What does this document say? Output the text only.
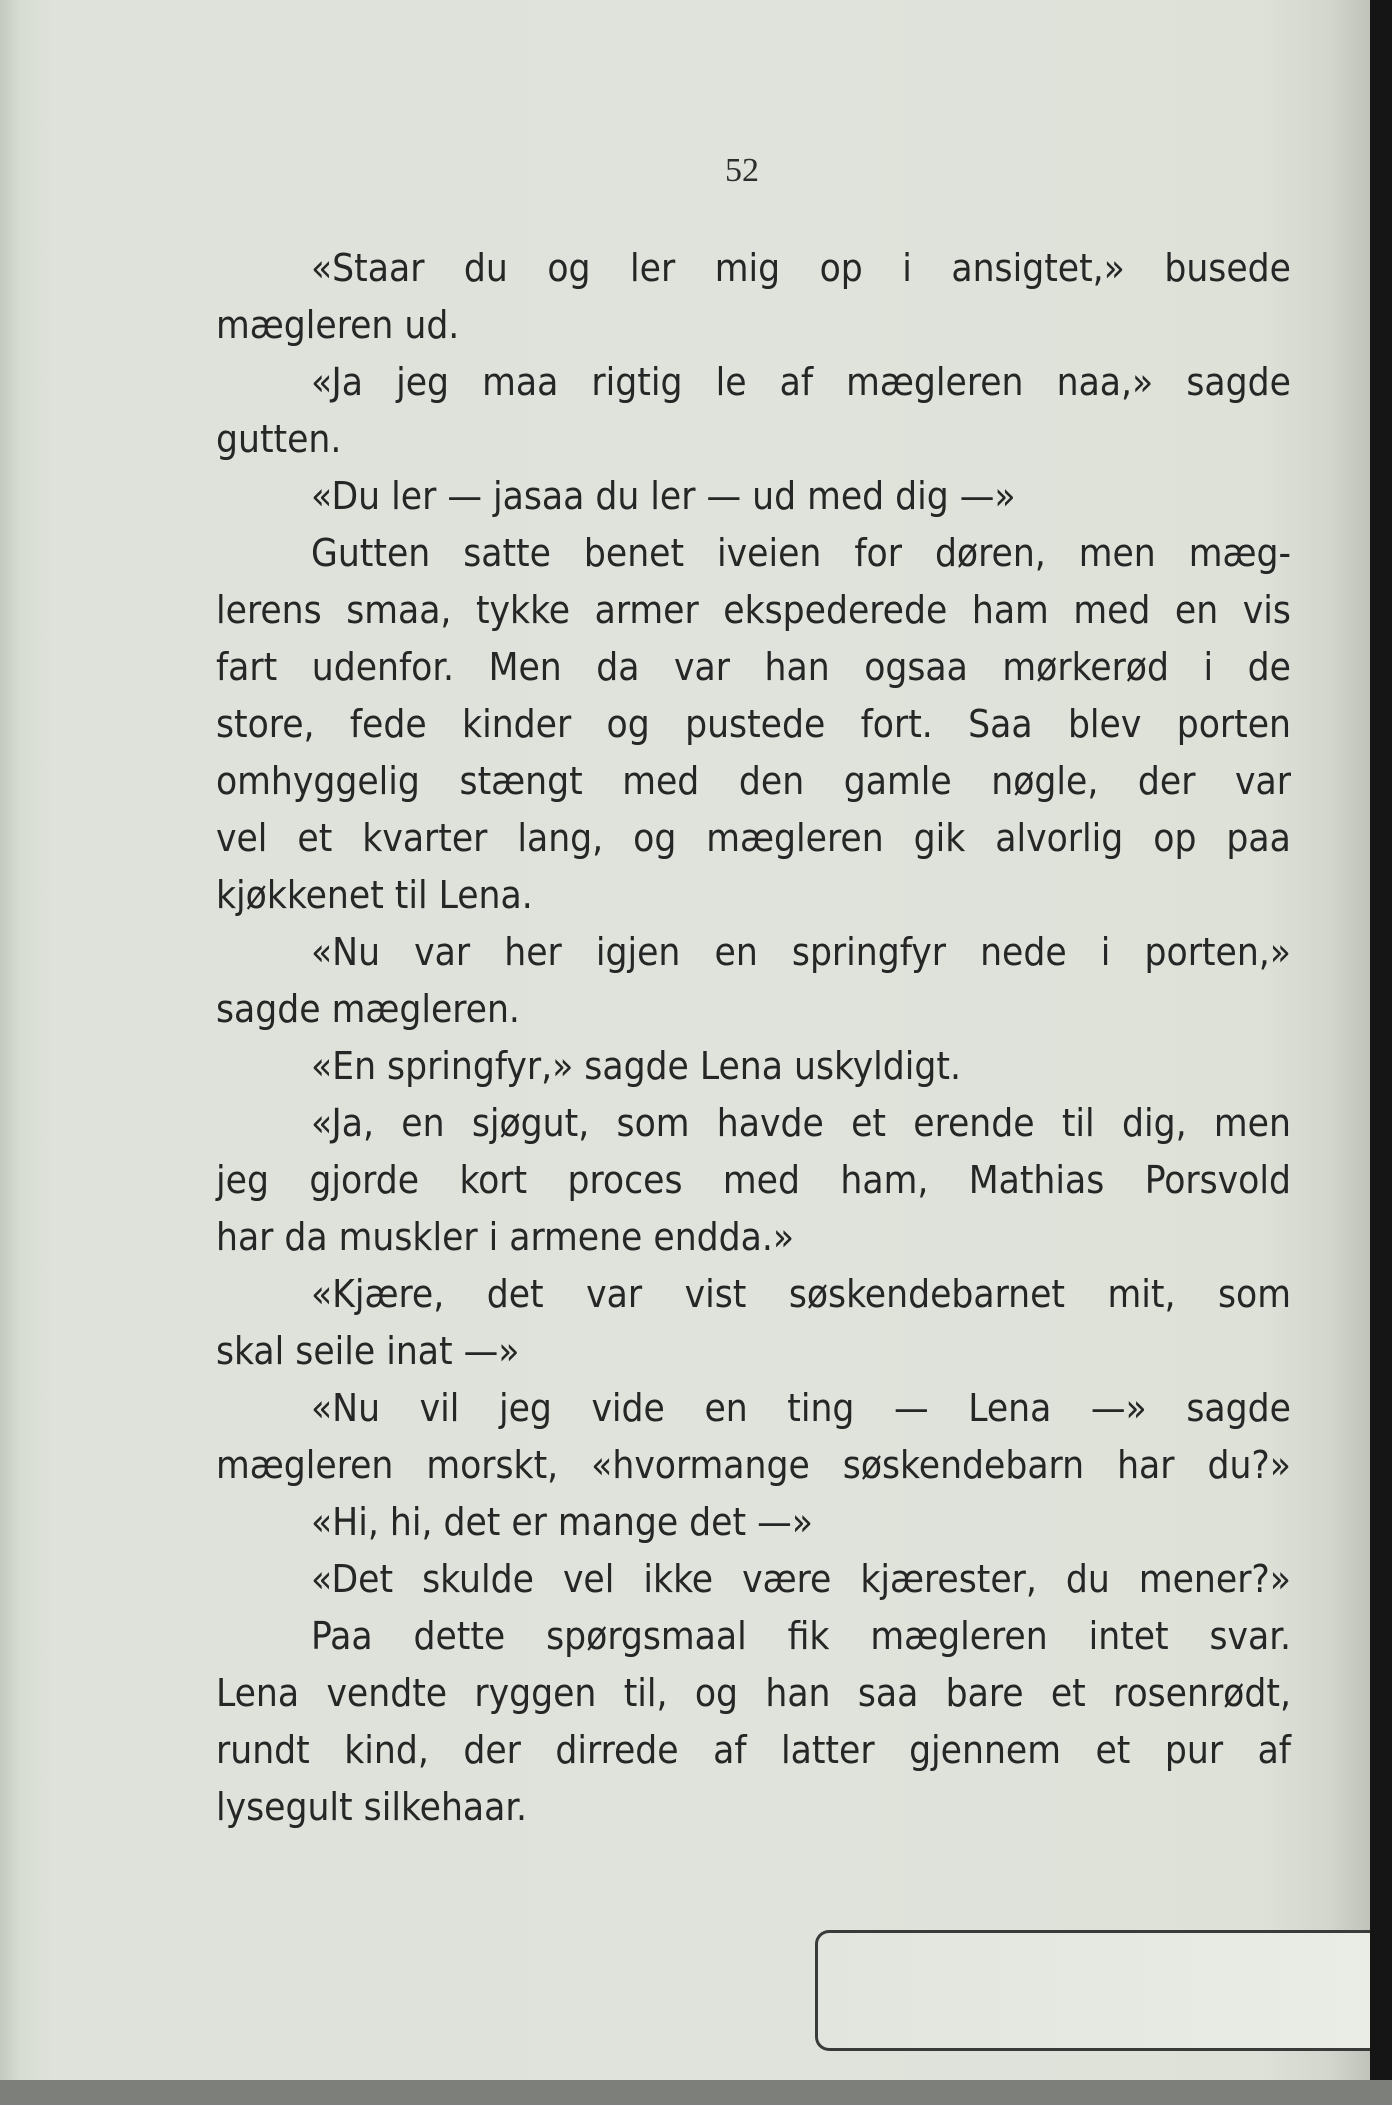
52
«Staar du og ler mig op i ansigtet,» busede
mægleren ud.
«Ja jeg maa rigtig le af mægleren naa,» sagde
gutten.
«Du ler — jasaa du ler — ud med dig —»
Gutten satte benet iveien for døren, men mæg-
lerens smaa, tykke armer ekspederede ham med en vis
fart udenfor. Men da var han ogsaa mørkerød i de
store, fede kinder og pustede fort. Saa blev porten
omhyggelig stængt med den gamle nøgle, der var
vel et kvarter lang, og mægleren gik alvorlig op paa
kjøkkenet til Lena.
«Nu var her igjen en springfyr nede i porten,»
sagde mægleren.
«En springfyr,» sagde Lena uskyldigt.
«Ja, en sjøgut, som havde et erende til dig, men
jeg gjorde kort proces med ham, Mathias Porsvold
har da muskler i armene endda.»
«Kjære, det var vist søskendebarnet mit, som
skal seile inat —»
«Nu vil jeg vide en ting — Lena —» sagde
mægleren morskt, «hvormange søskendebarn har du?»
«Hi, hi, det er mange det —»
«Det skulde vel ikke være kjærester, du mener?»
Paa dette spørgsmaal fik mægleren intet svar.
Lena vendte ryggen til, og han saa bare et rosenrødt,
rundt kind, der dirrede af latter gjennem et pur af
lysegult silkehaar.
